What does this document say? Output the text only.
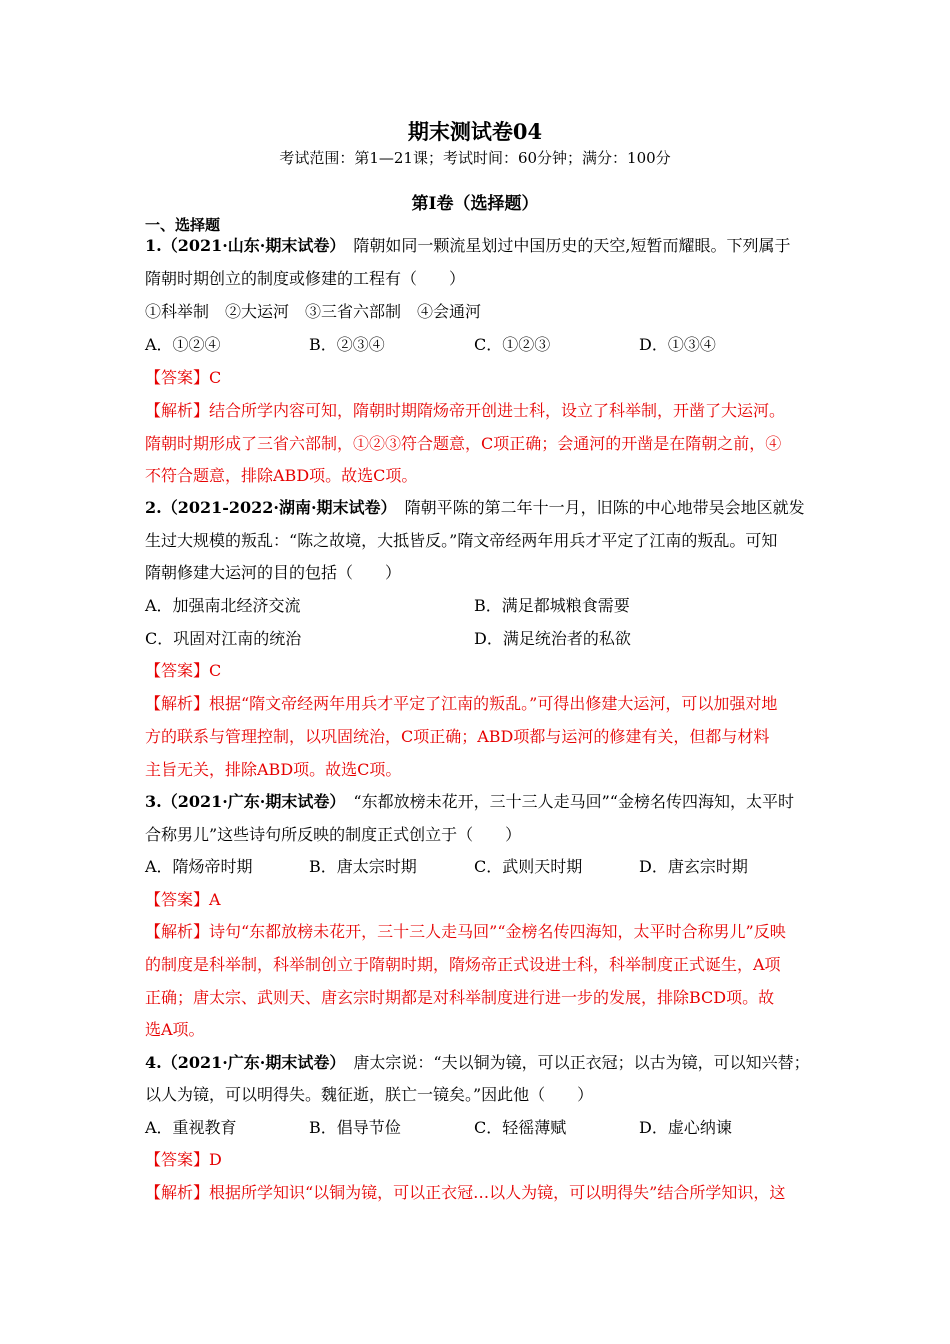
期末测试卷04
考试范围：第1—21课；考试时间：60分钟；满分：100分
第I卷（选择题）
一、选择题
1.（2021·山东·期末试卷）　 隋朝如同一颗流星划过中国历史的天空,短暂而耀眼。下列属于
隋朝时期创立的制度或修建的工程有（　　）
①科举制　②大运河　③三省六部制　④会通河
A．①②④	B．②③④	C．①②③	D．①③④
【答案】C
【解析】结合所学内容可知，隋朝时期隋炀帝开创进士科，设立了科举制，开凿了大运河。
隋朝时期形成了三省六部制，①②③符合题意，C项正确；会通河的开凿是在隋朝之前，④
不符合题意，排除ABD项。故选C项。
2.（2021-2022·湖南·期末试卷）　 隋朝平陈的第二年十一月，旧陈的中心地带吴会地区就发
生过大规模的叛乱：“陈之故境，大抵皆反。”隋文帝经两年用兵才平定了江南的叛乱。可知
隋朝修建大运河的目的包括（　　）
A．加强南北经济交流	B．满足都城粮食需要
C．巩固对江南的统治	D．满足统治者的私欲
【答案】C
【解析】根据“隋文帝经两年用兵才平定了江南的叛乱。”可得出修建大运河，可以加强对地
方的联系与管理控制，以巩固统治，C项正确；ABD项都与运河的修建有关，但都与材料
主旨无关，排除ABD项。故选C项。
3.（2021·广东·期末试卷）　 “东都放榜未花开，三十三人走马回”“金榜名传四海知，太平时
合称男儿”这些诗句所反映的制度正式创立于（　　）
A．隋炀帝时期	B．唐太宗时期	C．武则天时期	D．唐玄宗时期
【答案】A
【解析】诗句“东都放榜未花开，三十三人走马回”“金榜名传四海知，太平时合称男儿”反映
的制度是科举制，科举制创立于隋朝时期，隋炀帝正式设进士科，科举制度正式诞生，A项
正确；唐太宗、武则天、唐玄宗时期都是对科举制度进行进一步的发展，排除BCD项。故
选A项。
4.（2021·广东·期末试卷）　 唐太宗说：“夫以铜为镜，可以正衣冠；以古为镜，可以知兴替；
以人为镜，可以明得失。魏征逝，朕亡一镜矣。”因此他（　　）
A．重视教育	B．倡导节俭	C．轻徭薄赋	D．虚心纳谏
【答案】D
【解析】根据所学知识“以铜为镜，可以正衣冠…以人为镜，可以明得失”结合所学知识，这
